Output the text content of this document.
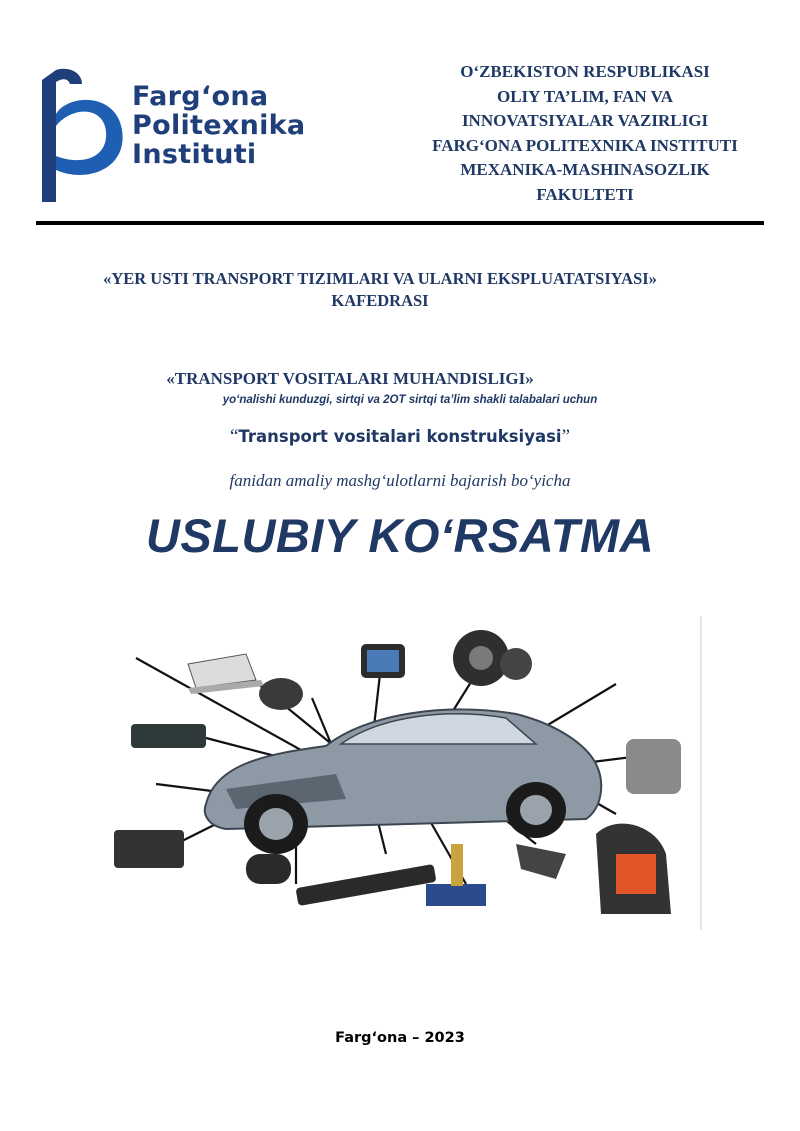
Farg‘ona
Politexnika
Instituti
O‘ZBEKISTON RESPUBLIKASI
OLIY TA’LIM, FAN VA
INNOVATSIYALAR VAZIRLIGI
FARG‘ONA POLITEXNIKA INSTITUTI
MEXANIKA-MASHINASOZLIK
FAKULTETI
«YER USTI TRANSPORT TIZIMLARI VA ULARNI EKSPLUATATSIYASI»
KAFEDRASI
«TRANSPORT VOSITALARI MUHANDISLIGI»
yo‘nalishi kunduzgi, sirtqi va 2OT sirtqi ta’lim shakli talabalari uchun
“Transport vositalari konstruksiyasi”
fanidan amaliy mashg‘ulotlarni bajarish bo‘yicha
USLUBIY KO‘RSATMA
Farg‘ona – 2023
